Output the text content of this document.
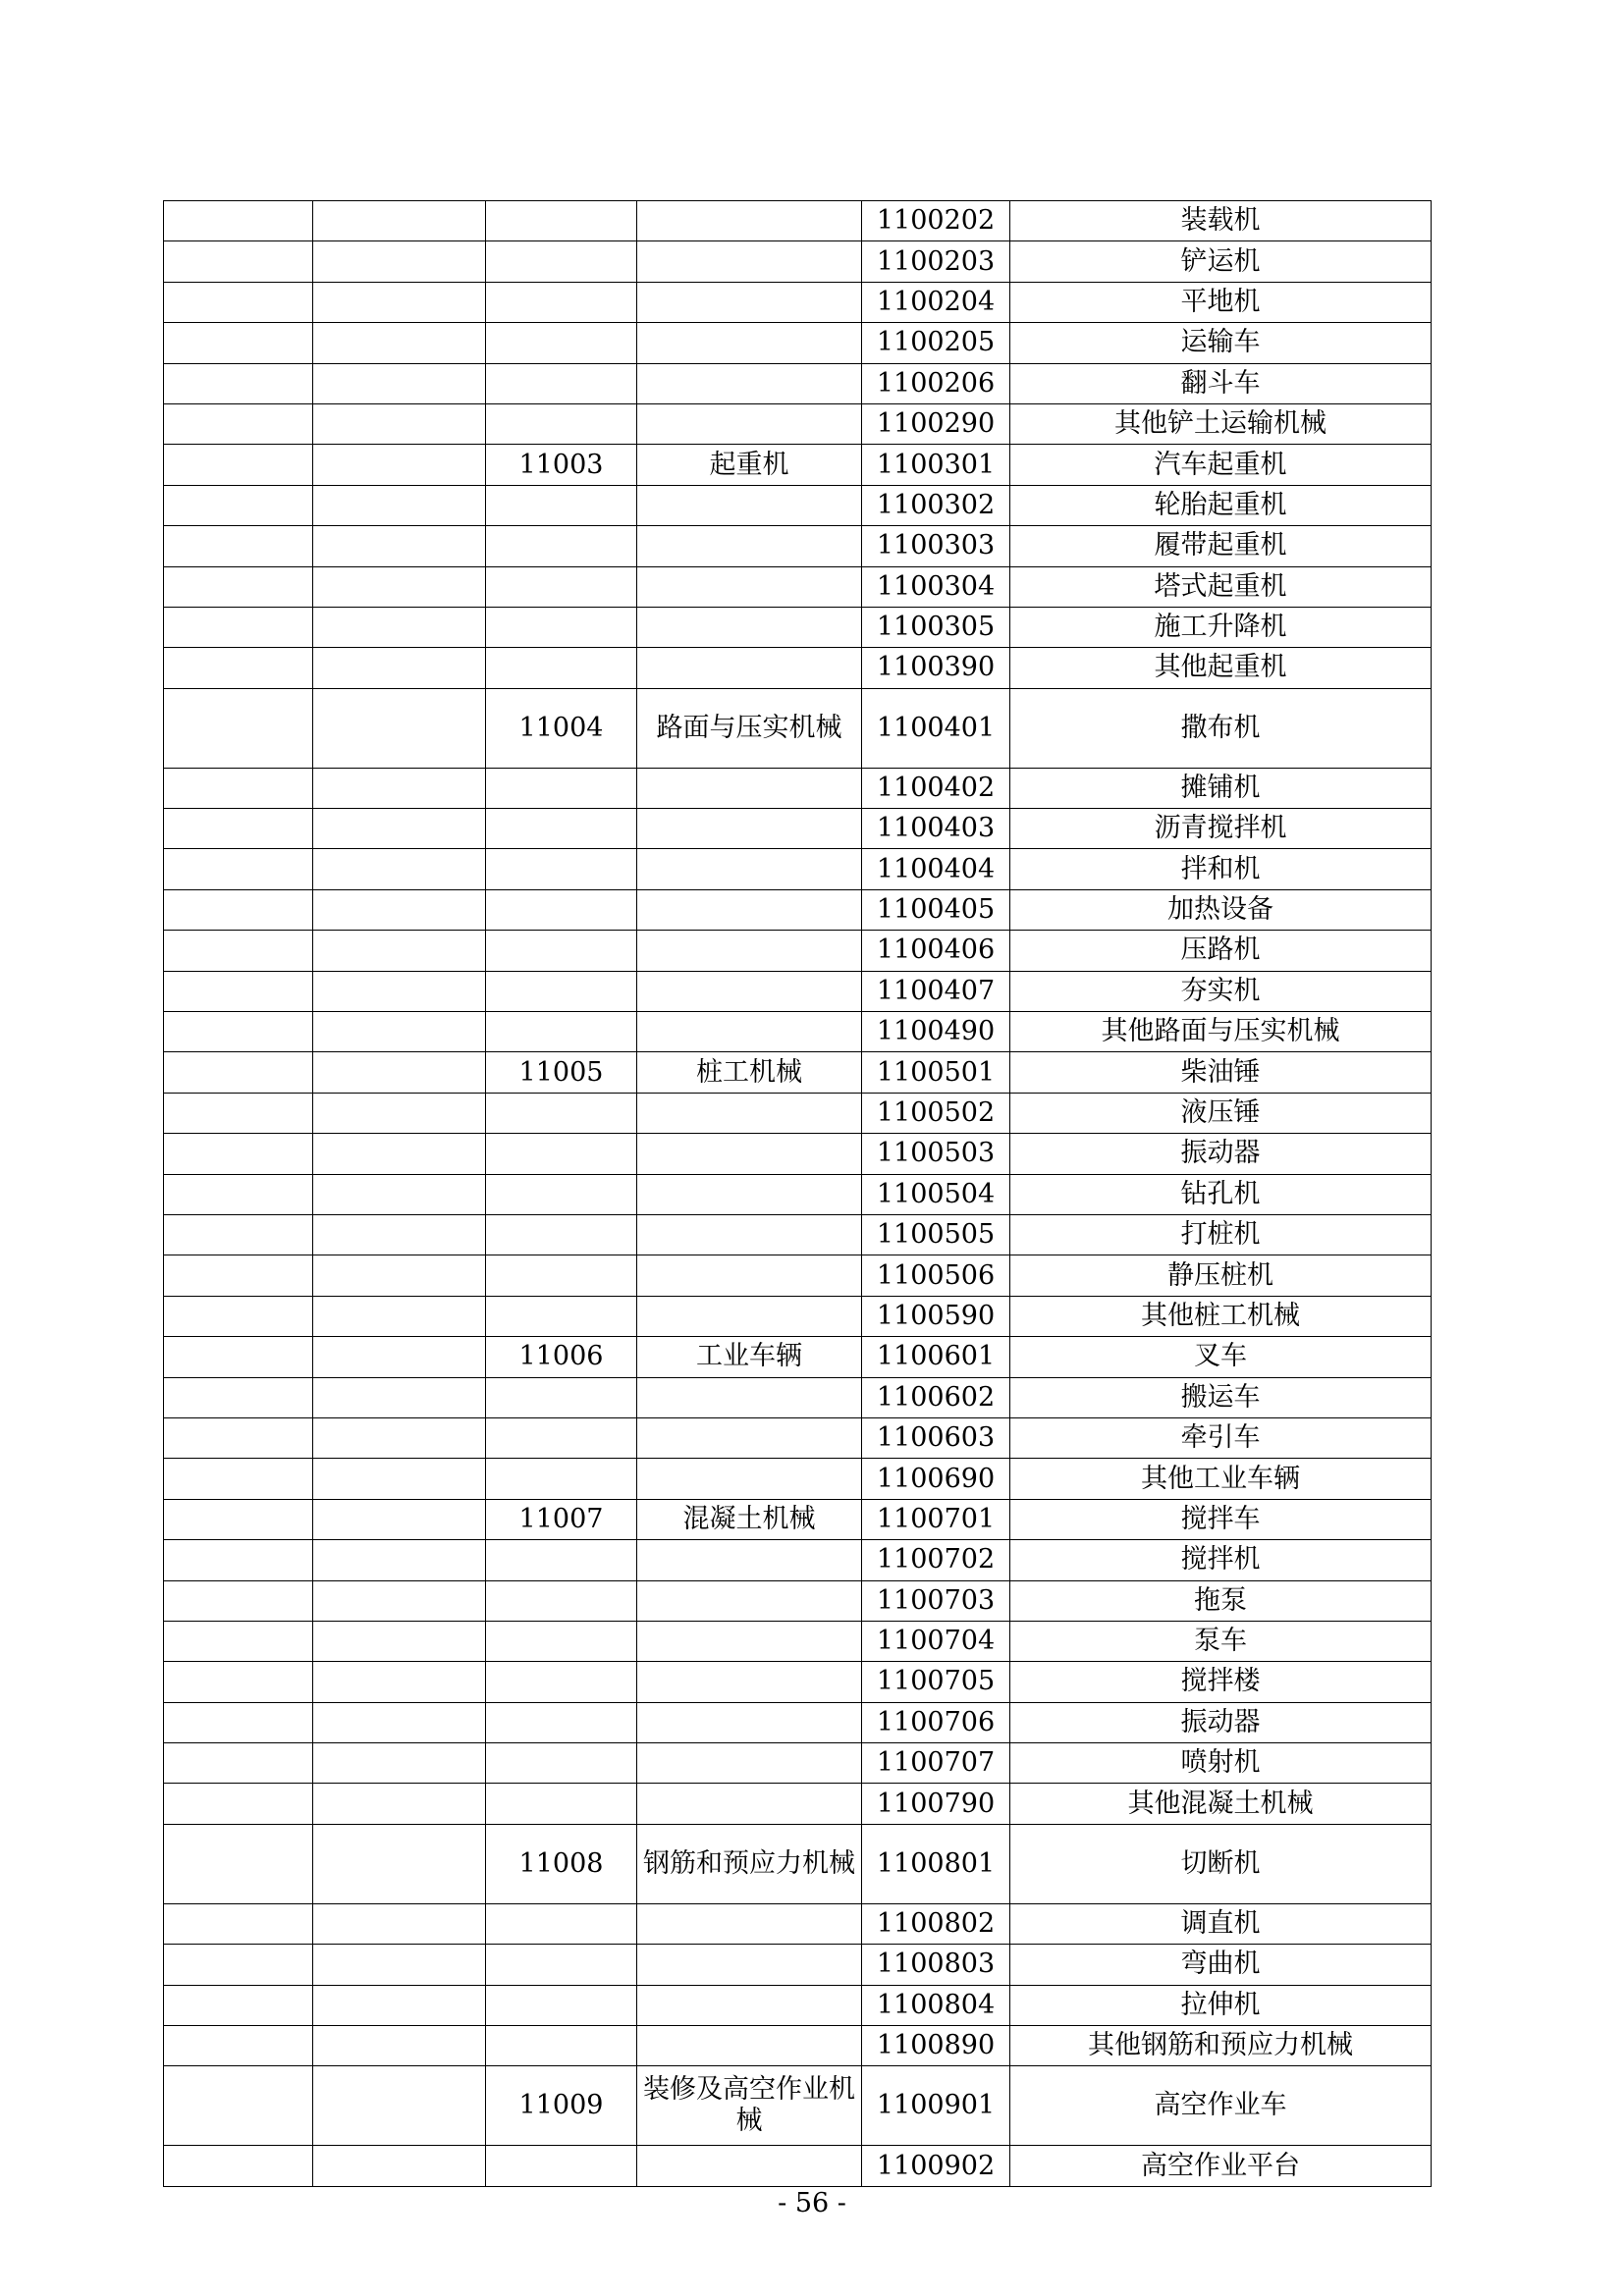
				1100202	装载机
				1100203	铲运机
				1100204	平地机
				1100205	运输车
				1100206	翻斗车
				1100290	其他铲土运输机械
		11003	起重机	1100301	汽车起重机
				1100302	轮胎起重机
				1100303	履带起重机
				1100304	塔式起重机
				1100305	施工升降机
				1100390	其他起重机
		11004	路面与压实机械	1100401	撒布机
				1100402	摊铺机
				1100403	沥青搅拌机
				1100404	拌和机
				1100405	加热设备
				1100406	压路机
				1100407	夯实机
				1100490	其他路面与压实机械
		11005	桩工机械	1100501	柴油锤
				1100502	液压锤
				1100503	振动器
				1100504	钻孔机
				1100505	打桩机
				1100506	静压桩机
				1100590	其他桩工机械
		11006	工业车辆	1100601	叉车
				1100602	搬运车
				1100603	牵引车
				1100690	其他工业车辆
		11007	混凝土机械	1100701	搅拌车
				1100702	搅拌机
				1100703	拖泵
				1100704	泵车
				1100705	搅拌楼
				1100706	振动器
				1100707	喷射机
				1100790	其他混凝土机械
		11008	钢筋和预应力机械	1100801	切断机
				1100802	调直机
				1100803	弯曲机
				1100804	拉伸机
				1100890	其他钢筋和预应力机械
		11009	装修及高空作业机械	1100901	高空作业车
				1100902	高空作业平台
- 56 -
